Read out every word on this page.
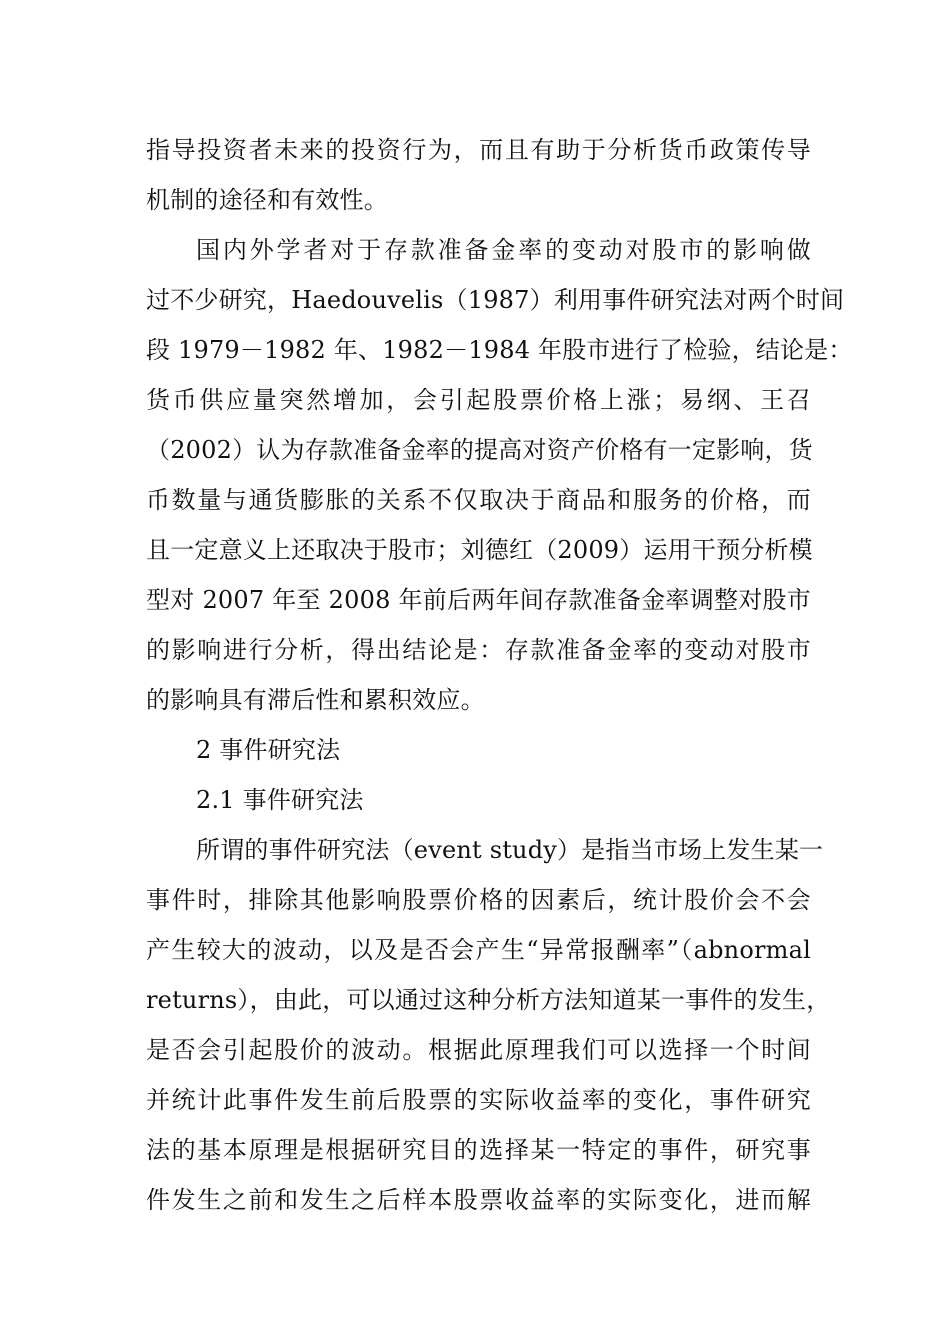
指导投资者未来的投资行为，而且有助于分析货币政策传导
机制的途径和有效性。
国内外学者对于存款准备金率的变动对股市的影响做
过不少研究，Haedouvelis（1987）利用事件研究法对两个时间
段 1979－1982 年、1982－1984 年股市进行了检验，结论是：
货币供应量突然增加，会引起股票价格上涨；易纲、王召
（2002）认为存款准备金率的提高对资产价格有一定影响，货
币数量与通货膨胀的关系不仅取决于商品和服务的价格，而
且一定意义上还取决于股市；刘德红（2009）运用干预分析模
型对 2007 年至 2008 年前后两年间存款准备金率调整对股市
的影响进行分析，得出结论是：存款准备金率的变动对股市
的影响具有滞后性和累积效应。
2 事件研究法
2.1 事件研究法
所谓的事件研究法（event study）是指当市场上发生某一
事件时，排除其他影响股票价格的因素后，统计股价会不会
产生较大的波动，以及是否会产生“异常报酬率”（abnormal
returns），由此，可以通过这种分析方法知道某一事件的发生，
是否会引起股价的波动。根据此原理我们可以选择一个时间
并统计此事件发生前后股票的实际收益率的变化，事件研究
法的基本原理是根据研究目的选择某一特定的事件，研究事
件发生之前和发生之后样本股票收益率的实际变化，进而解
